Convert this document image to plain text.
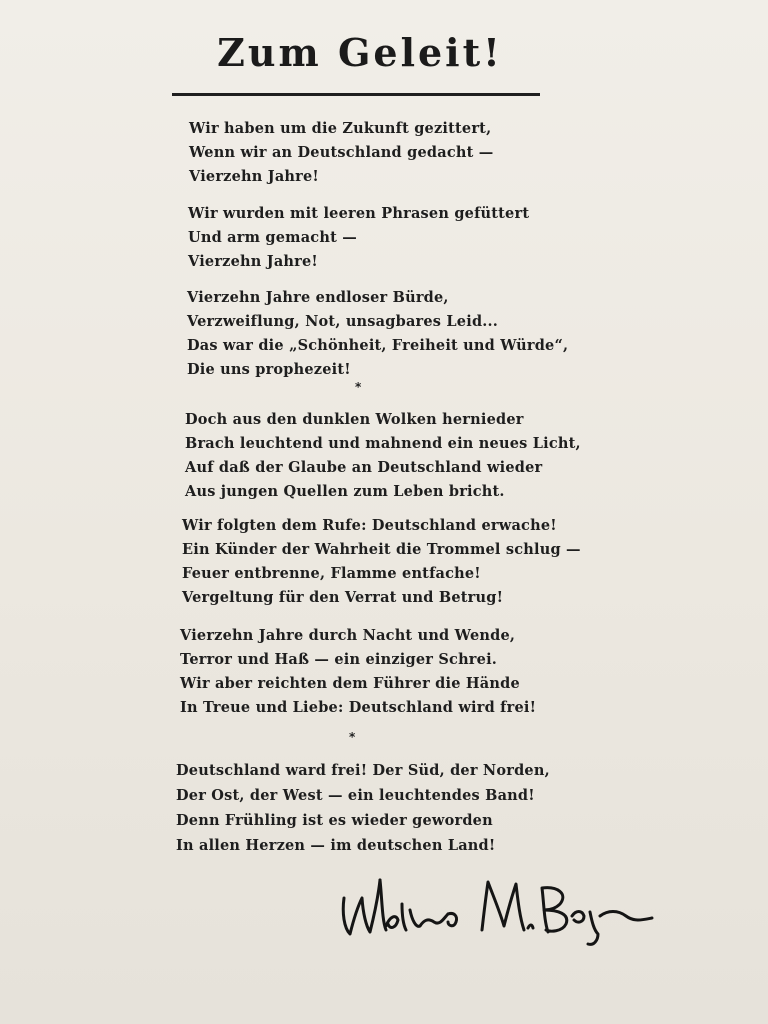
Zum Geleit!
Wir haben um die Zukunft gezittert,
Wenn wir an Deutschland gedacht —
Vierzehn Jahre!
Wir wurden mit leeren Phrasen gefüttert
Und arm gemacht —
Vierzehn Jahre!
Vierzehn Jahre endloser Bürde,
Verzweiflung, Not, unsagbares Leid...
Das war die „Schönheit, Freiheit und Würde“,
Die uns prophezeit!
*
Doch aus den dunklen Wolken hernieder
Brach leuchtend und mahnend ein neues Licht,
Auf daß der Glaube an Deutschland wieder
Aus jungen Quellen zum Leben bricht.
Wir folgten dem Rufe: Deutschland erwache!
Ein Künder der Wahrheit die Trommel schlug —
Feuer entbrenne, Flamme entfache!
Vergeltung für den Verrat und Betrug!
Vierzehn Jahre durch Nacht und Wende,
Terror und Haß — ein einziger Schrei.
Wir aber reichten dem Führer die Hände
In Treue und Liebe: Deutschland wird frei!
*
Deutschland ward frei! Der Süd, der Norden,
Der Ost, der West — ein leuchtendes Band!
Denn Frühling ist es wieder geworden
In allen Herzen — im deutschen Land!
